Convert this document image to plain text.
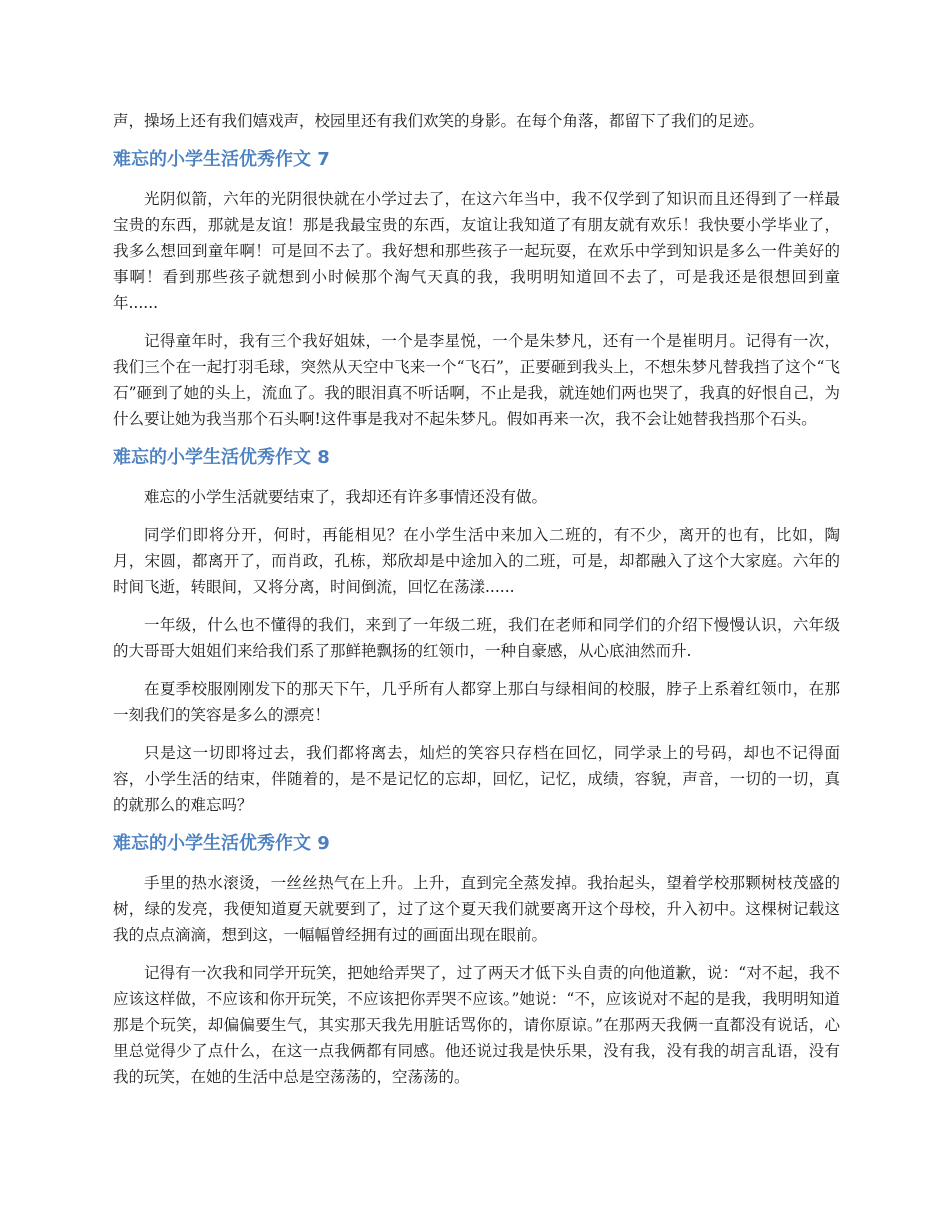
声，操场上还有我们嬉戏声，校园里还有我们欢笑的身影。在每个角落，都留下了我们的足迹。

难忘的小学生活优秀作文 7

光阴似箭，六年的光阴很快就在小学过去了，在这六年当中，我不仅学到了知识而且还得到了一样最宝贵的东西，那就是友谊！那是我最宝贵的东西，友谊让我知道了有朋友就有欢乐！我快要小学毕业了，我多么想回到童年啊！可是回不去了。我好想和那些孩子一起玩耍，在欢乐中学到知识是多么一件美好的事啊！看到那些孩子就想到小时候那个淘气天真的我，我明明知道回不去了，可是我还是很想回到童年......

记得童年时，我有三个我好姐妹，一个是李星悦，一个是朱梦凡，还有一个是崔明月。记得有一次，我们三个在一起打羽毛球，突然从天空中飞来一个“飞石”，正要砸到我头上，不想朱梦凡替我挡了这个“飞石”砸到了她的头上，流血了。我的眼泪真不听话啊，不止是我，就连她们两也哭了，我真的好恨自己，为什么要让她为我当那个石头啊!这件事是我对不起朱梦凡。假如再来一次，我不会让她替我挡那个石头。

难忘的小学生活优秀作文 8

难忘的小学生活就要结束了，我却还有许多事情还没有做。

同学们即将分开，何时，再能相见？在小学生活中来加入二班的，有不少，离开的也有，比如，陶月，宋圆，都离开了，而肖政，孔栋，郑欣却是中途加入的二班，可是，却都融入了这个大家庭。六年的时间飞逝，转眼间，又将分离，时间倒流，回忆在荡漾......

一年级，什么也不懂得的我们，来到了一年级二班，我们在老师和同学们的介绍下慢慢认识，六年级的大哥哥大姐姐们来给我们系了那鲜艳飘扬的红领巾，一种自豪感，从心底油然而升.

在夏季校服刚刚发下的那天下午，几乎所有人都穿上那白与绿相间的校服，脖子上系着红领巾，在那一刻我们的笑容是多么的漂亮！

只是这一切即将过去，我们都将离去，灿烂的笑容只存档在回忆，同学录上的号码，却也不记得面容，小学生活的结束，伴随着的，是不是记忆的忘却，回忆，记忆，成绩，容貌，声音，一切的一切，真的就那么的难忘吗？

难忘的小学生活优秀作文 9

手里的热水滚烫，一丝丝热气在上升。上升，直到完全蒸发掉。我抬起头，望着学校那颗树枝茂盛的树，绿的发亮，我便知道夏天就要到了，过了这个夏天我们就要离开这个母校，升入初中。这棵树记载这我的点点滴滴，想到这，一幅幅曾经拥有过的画面出现在眼前。

记得有一次我和同学开玩笑，把她给弄哭了，过了两天才低下头自责的向他道歉，说：“对不起，我不应该这样做，不应该和你开玩笑，不应该把你弄哭不应该。”她说：“不，应该说对不起的是我，我明明知道那是个玩笑，却偏偏要生气，其实那天我先用脏话骂你的，请你原谅。”在那两天我俩一直都没有说话，心里总觉得少了点什么，在这一点我俩都有同感。他还说过我是快乐果，没有我，没有我的胡言乱语，没有我的玩笑，在她的生活中总是空荡荡的，空荡荡的。
